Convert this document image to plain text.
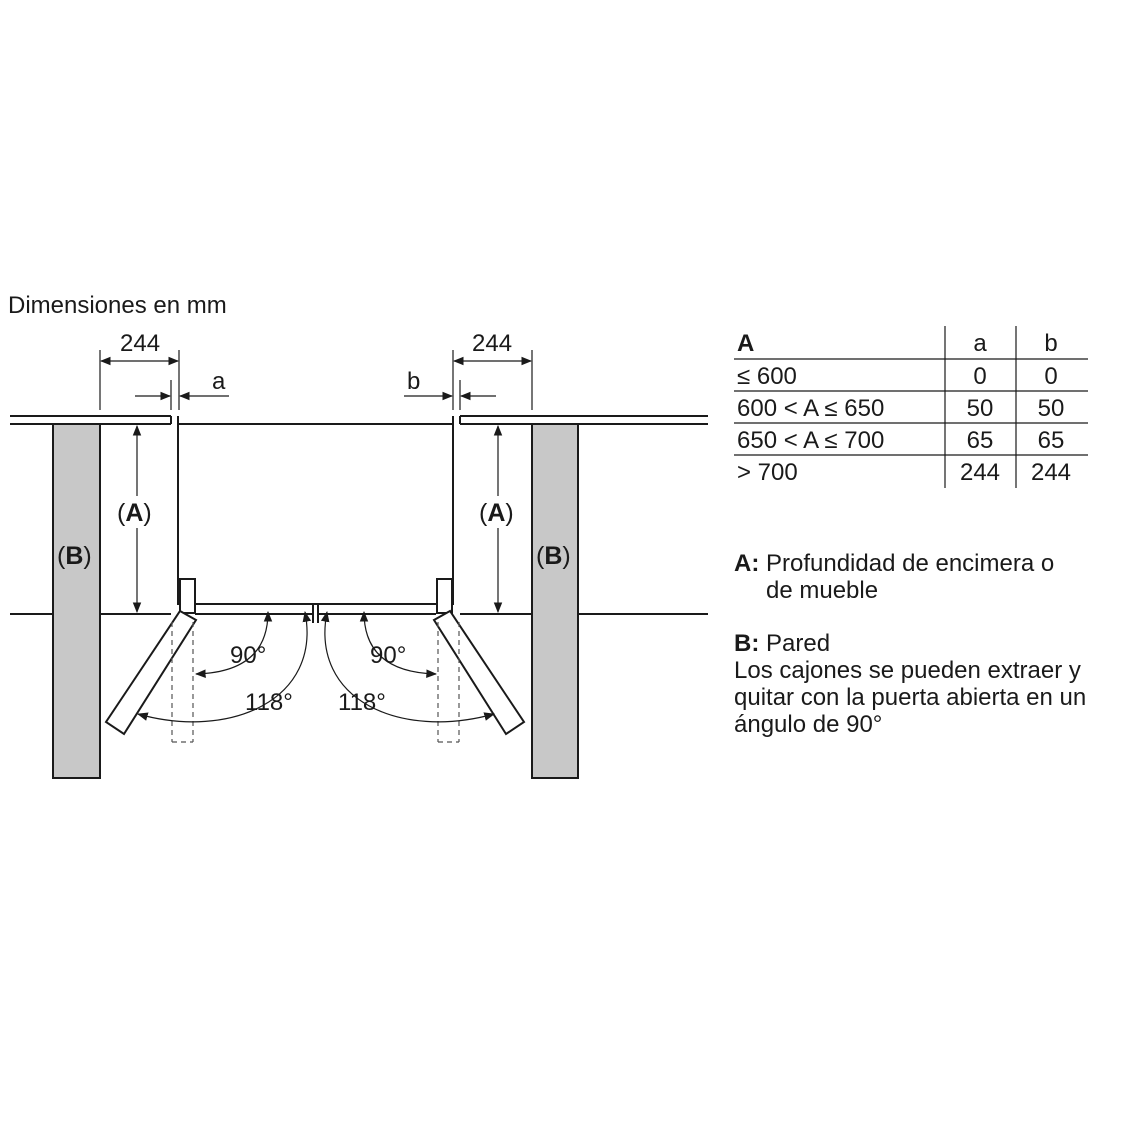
Dimensiones en mm
244	244
a	b
(A)	(A)
(B)	(B)
90°
118°
90°
118°
A	a b
≤ 600	0 0
600 < A ≤ 650	50 50
650 < A ≤ 700	65 65
> 700	244 244
A: Profundidad de encimera o
de mueble
B: Pared
Los cajones se pueden extraer y
quitar con la puerta abierta en un
ángulo de 90°
